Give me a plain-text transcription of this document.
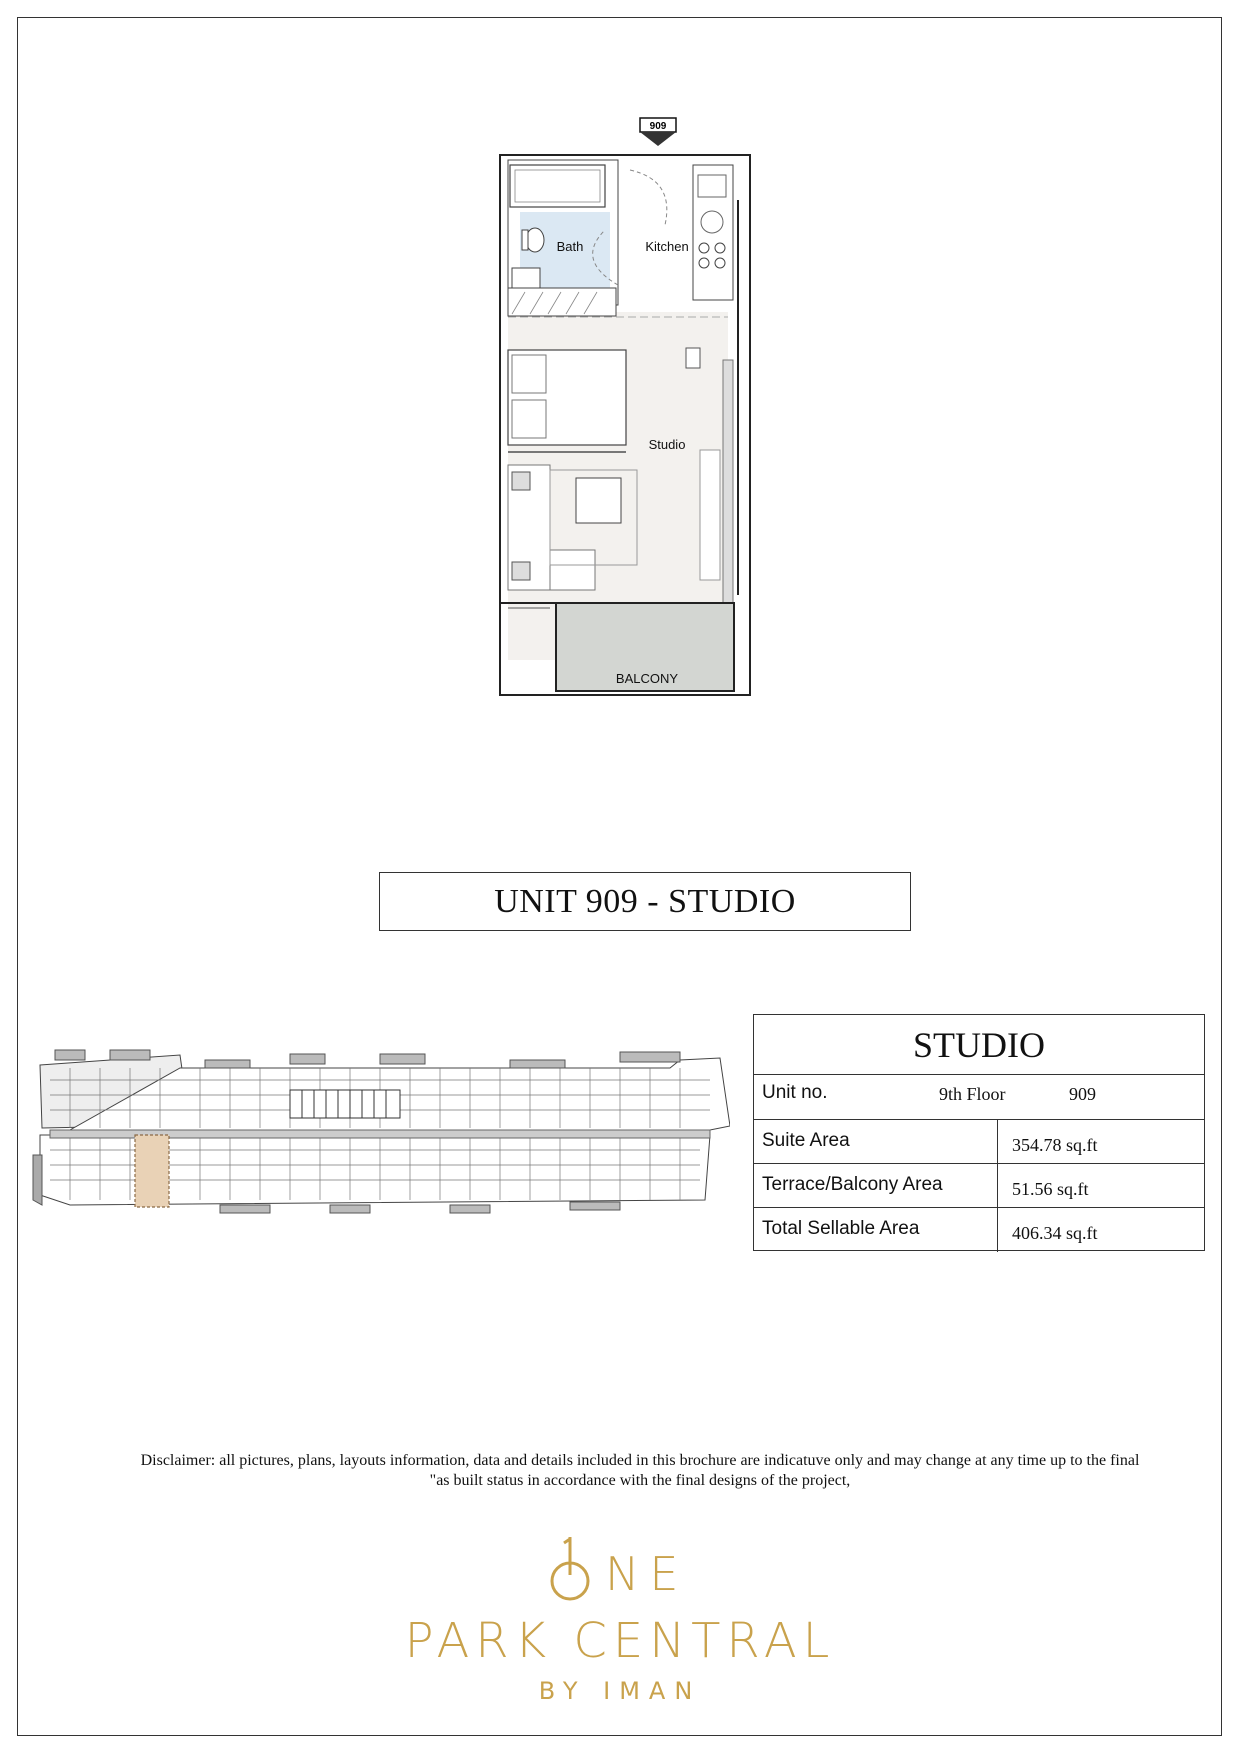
909
Bath	Kitchen
Studio
BALCONY
UNIT 909 - STUDIO
STUDIO
Unit no.	9th Floor	909
Suite Area	354.78 sq.ft
Terrace/Balcony Area	51.56 sq.ft
Total Sellable Area	406.34 sq.ft
Disclaimer: all pictures, plans, layouts information, data and details included in this brochure are indicatuve only and may change at any time up to the final
"as built status in accordance with the final designs of the project,
NE
PARK CENTRAL
BY IMAN
